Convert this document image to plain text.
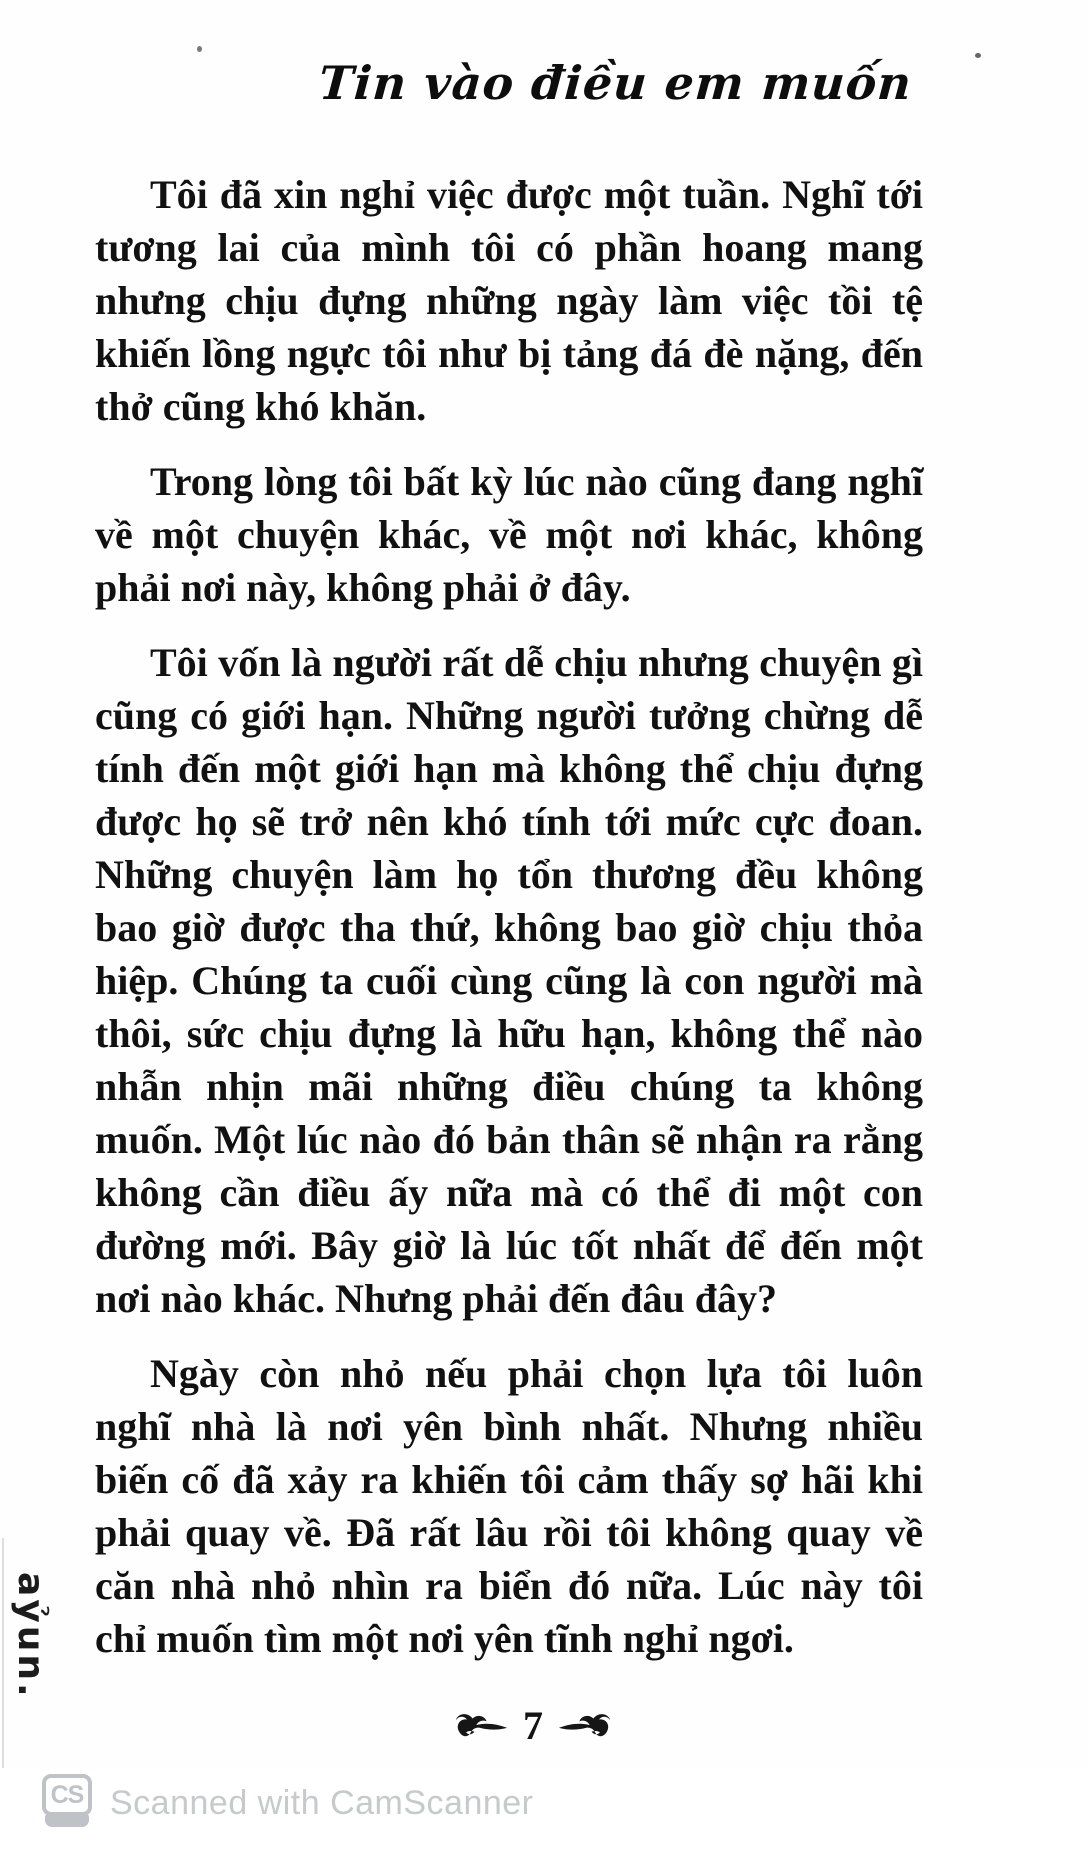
Tin vào điều em muốn

Tôi đã xin nghỉ việc được một tuần. Nghĩ tới tương lai của mình tôi có phần hoang mang nhưng chịu đựng những ngày làm việc tồi tệ khiến lồng ngực tôi như bị tảng đá đè nặng, đến thở cũng khó khăn.

Trong lòng tôi bất kỳ lúc nào cũng đang nghĩ về một chuyện khác, về một nơi khác, không phải nơi này, không phải ở đây.

Tôi vốn là người rất dễ chịu nhưng chuyện gì cũng có giới hạn. Những người tưởng chừng dễ tính đến một giới hạn mà không thể chịu đựng được họ sẽ trở nên khó tính tới mức cực đoan. Những chuyện làm họ tổn thương đều không bao giờ được tha thứ, không bao giờ chịu thỏa hiệp. Chúng ta cuối cùng cũng là con người mà thôi, sức chịu đựng là hữu hạn, không thể nào nhẫn nhịn mãi những điều chúng ta không muốn. Một lúc nào đó bản thân sẽ nhận ra rằng không cần điều ấy nữa mà có thể đi một con đường mới. Bây giờ là lúc tốt nhất để đến một nơi nào khác. Nhưng phải đến đâu đây?

Ngày còn nhỏ nếu phải chọn lựa tôi luôn nghĩ nhà là nơi yên bình nhất. Nhưng nhiều biến cố đã xảy ra khiến tôi cảm thấy sợ hãi khi phải quay về. Đã rất lâu rồi tôi không quay về căn nhà nhỏ nhìn ra biển đó nữa. Lúc này tôi chỉ muốn tìm một nơi yên tĩnh nghỉ ngơi.

7
aỷun.
CS Scanned with CamScanner
